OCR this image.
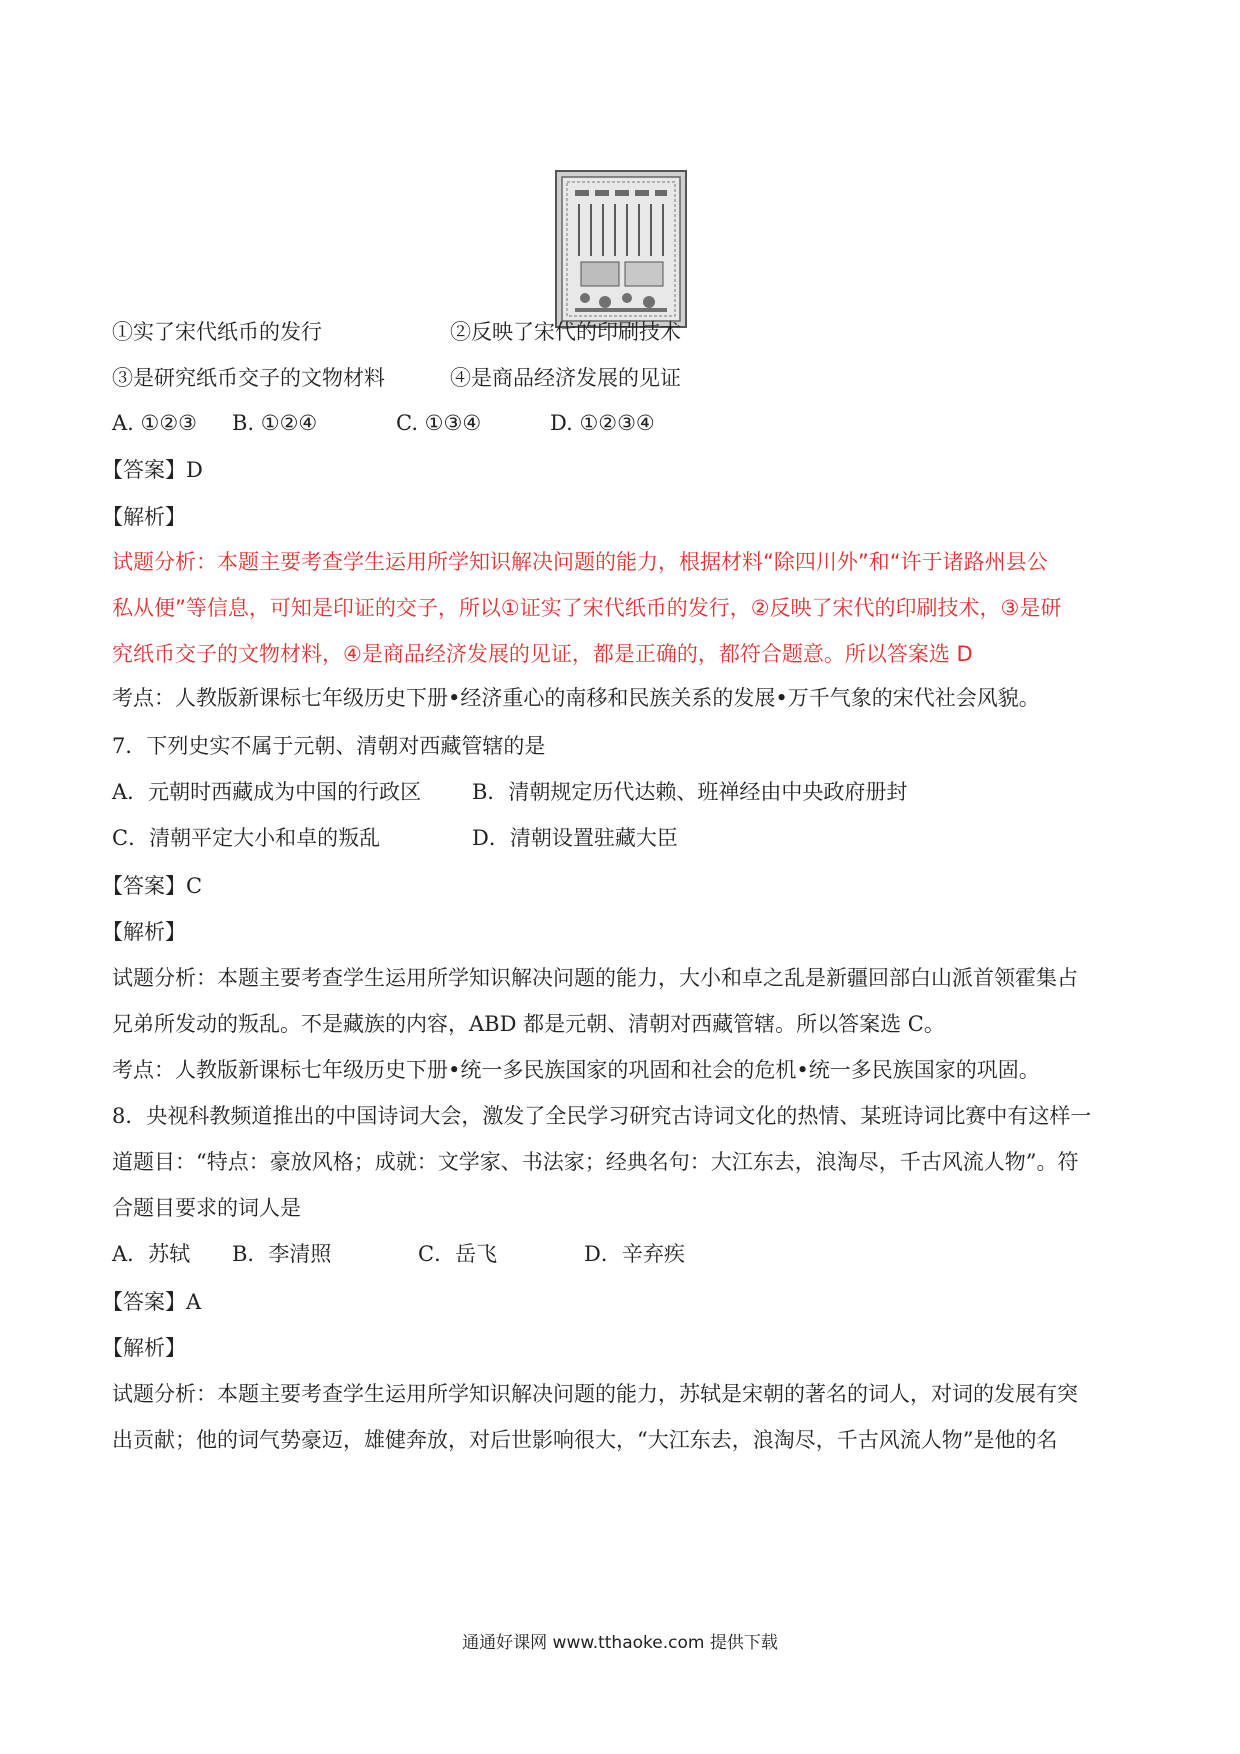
①实了宋代纸币的发行	②反映了宋代的印刷技术
③是研究纸币交子的文物材料	④是商品经济发展的见证
A. ①②③ B. ①②④	C. ①③④	D. ①②③④
【答案】D
【解析】
试题分析：本题主要考查学生运用所学知识解决问题的能力，根据材料“除四川外”和“许于诸路州县公
私从便”等信息，可知是印证的交子，所以①证实了宋代纸币的发行，②反映了宋代的印刷技术，③是研
究纸币交子的文物材料，④是商品经济发展的见证，都是正确的，都符合题意。所以答案选 D
考点：人教版新课标七年级历史下册•经济重心的南移和民族关系的发展•万千气象的宋代社会风貌。
7．下列史实不属于元朝、清朝对西藏管辖的是
A．元朝时西藏成为中国的行政区 B．清朝规定历代达赖、班禅经由中央政府册封
C．清朝平定大小和卓的叛乱	D．清朝设置驻藏大臣
【答案】C
【解析】
试题分析：本题主要考查学生运用所学知识解决问题的能力，大小和卓之乱是新疆回部白山派首领霍集占
兄弟所发动的叛乱。不是藏族的内容，ABD 都是元朝、清朝对西藏管辖。所以答案选 C。
考点：人教版新课标七年级历史下册•统一多民族国家的巩固和社会的危机•统一多民族国家的巩固。
8．央视科教频道推出的中国诗词大会，激发了全民学习研究古诗词文化的热情、某班诗词比赛中有这样一
道题目：“特点：豪放风格；成就：文学家、书法家；经典名句：大江东去，浪淘尽，千古风流人物”。符
合题目要求的词人是
A．苏轼 B．李清照	C．岳飞	D．辛弃疾
【答案】A
【解析】
试题分析：本题主要考查学生运用所学知识解决问题的能力，苏轼是宋朝的著名的词人，对词的发展有突
出贡献；他的词气势豪迈，雄健奔放，对后世影响很大，“大江东去，浪淘尽，千古风流人物”是他的名
通通好课网 www.tthaoke.com 提供下载
